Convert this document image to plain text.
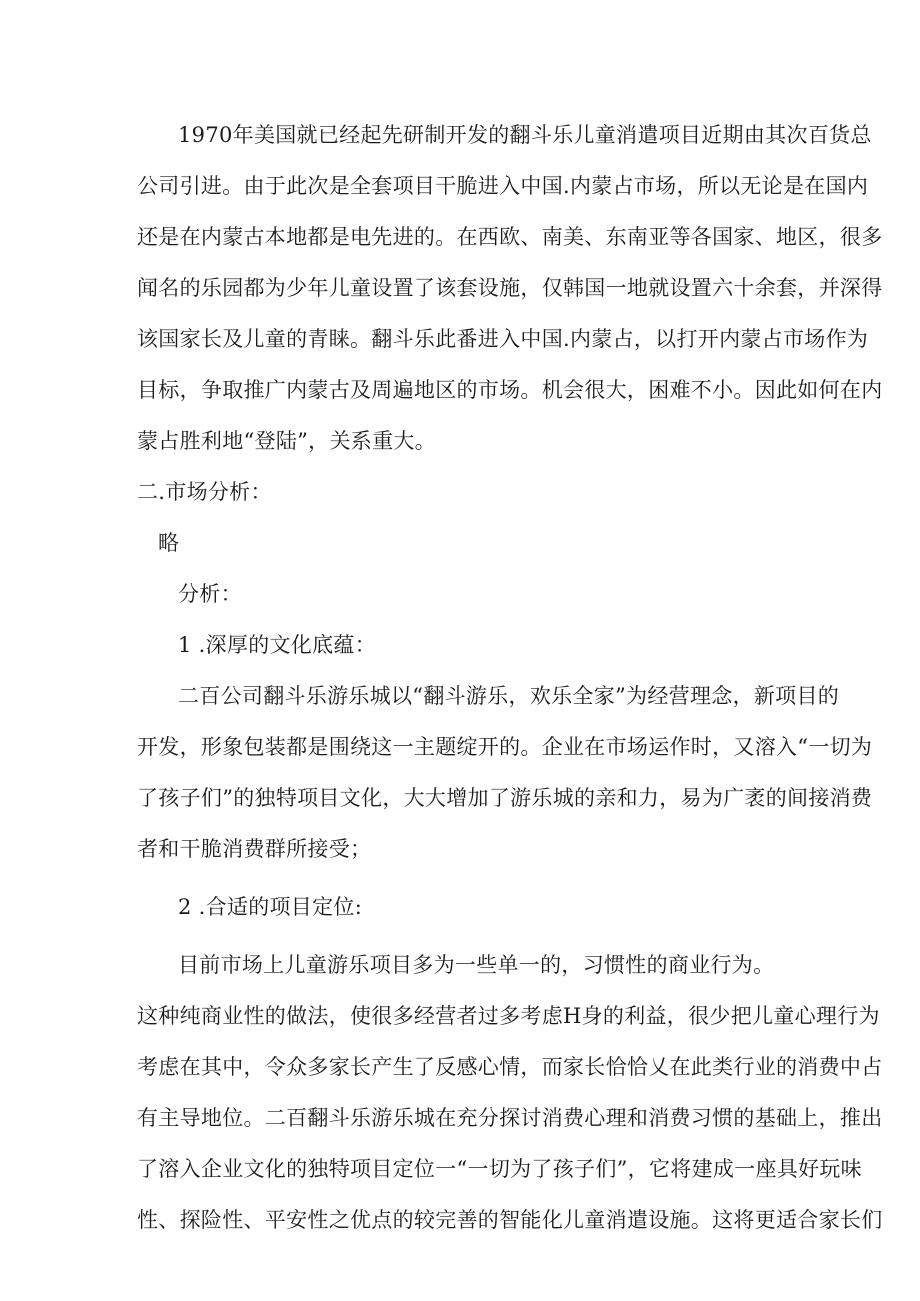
1970年美国就已经起先研制开发的翻斗乐儿童消遣项目近期由其次百货总
公司引进。由于此次是全套项目干脆进入中国.内蒙占市场，所以无论是在国内
还是在内蒙古本地都是电先进的。在西欧、南美、东南亚等各国家、地区，很多
闻名的乐园都为少年儿童设置了该套设施，仅韩国一地就设置六十余套，并深得
该国家长及儿童的青睐。翻斗乐此番进入中国.内蒙占，以打开内蒙占市场作为
目标，争取推广内蒙古及周遍地区的市场。机会很大，困难不小。因此如何在内
蒙占胜利地“登陆”，关系重大。
二.市场分析：
略
分析：
1 .深厚的文化底蕴：
二百公司翻斗乐游乐城以“翻斗游乐，欢乐全家”为经营理念，新项目的
开发，形象包装都是围绕这一主题绽开的。企业在市场运作时，又溶入“一切为
了孩子们”的独特项目文化，大大增加了游乐城的亲和力，易为广袤的间接消费
者和干脆消费群所接受；
2 .合适的项目定位:
目前市场上儿童游乐项目多为一些单一的，习惯性的商业行为。
这种纯商业性的做法，使很多经营者过多考虑H身的利益，很少把儿童心理行为
考虑在其中，令众多家长产生了反感心情，而家长恰恰乂在此类行业的消费中占
有主导地位。二百翻斗乐游乐城在充分探讨消费心理和消费习惯的基础上，推出
了溶入企业文化的独特项目定位一“一切为了孩子们”，它将建成一座具好玩味
性、探险性、平安性之优点的较完善的智能化儿童消遣设施。这将更适合家长们
